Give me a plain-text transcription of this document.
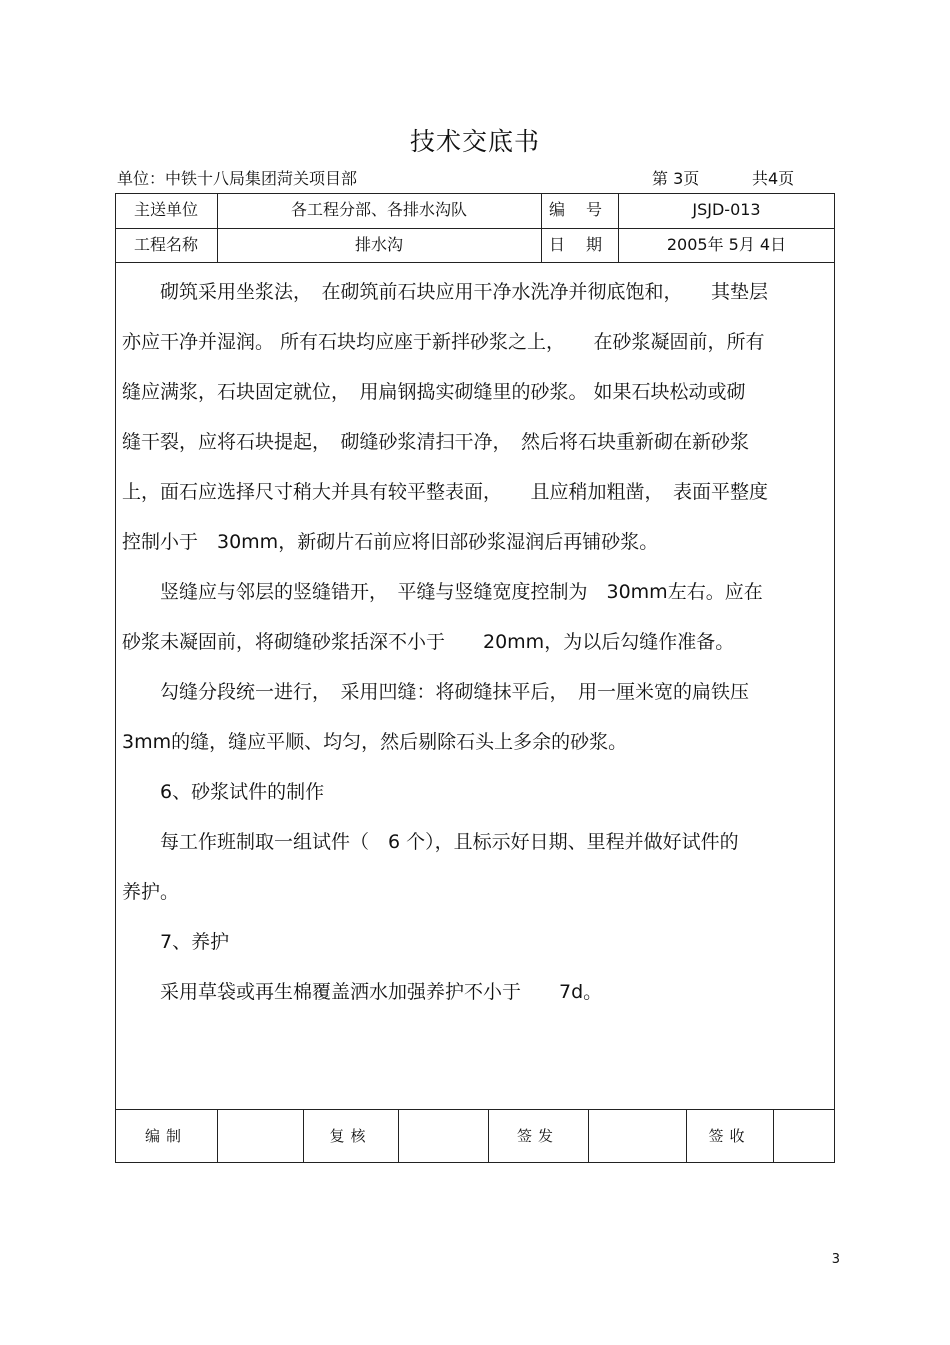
技术交底书
单位：中铁十八局集团菏关项目部	第 3页	共4页
主送单位	各工程分部、各排水沟队	编 号	JSJD-013
工程名称	排水沟	日 期	2005年 5月 4日

　　砌筑采用坐浆法，　在砌筑前石块应用干净水洗净并彻底饱和，　　其垫层

亦应干净并湿润。 所有石块均应座于新拌砂浆之上，　　在砂浆凝固前，所有

缝应满浆，石块固定就位，　用扁钢捣实砌缝里的砂浆。 如果石块松动或砌

缝干裂，应将石块提起，　砌缝砂浆清扫干净，　然后将石块重新砌在新砂浆

上，面石应选择尺寸稍大并具有较平整表面，　　且应稍加粗凿，　表面平整度

控制小于　30mm，新砌片石前应将旧部砂浆湿润后再铺砂浆。

　　竖缝应与邻层的竖缝错开，　平缝与竖缝宽度控制为　30mm左右。应在

砂浆未凝固前，将砌缝砂浆括深不小于　　20mm，为以后勾缝作准备。

　　勾缝分段统一进行，　采用凹缝：将砌缝抹平后，　用一厘米宽的扁铁压

3mm的缝，缝应平顺、均匀，然后剔除石头上多余的砂浆。

　　6、砂浆试件的制作

　　每工作班制取一组试件（　6 个），且标示好日期、里程并做好试件的

养护。

　　7、养护

　　采用草袋或再生棉覆盖洒水加强养护不小于　　7d。

编制	复核	签发	签收
3
